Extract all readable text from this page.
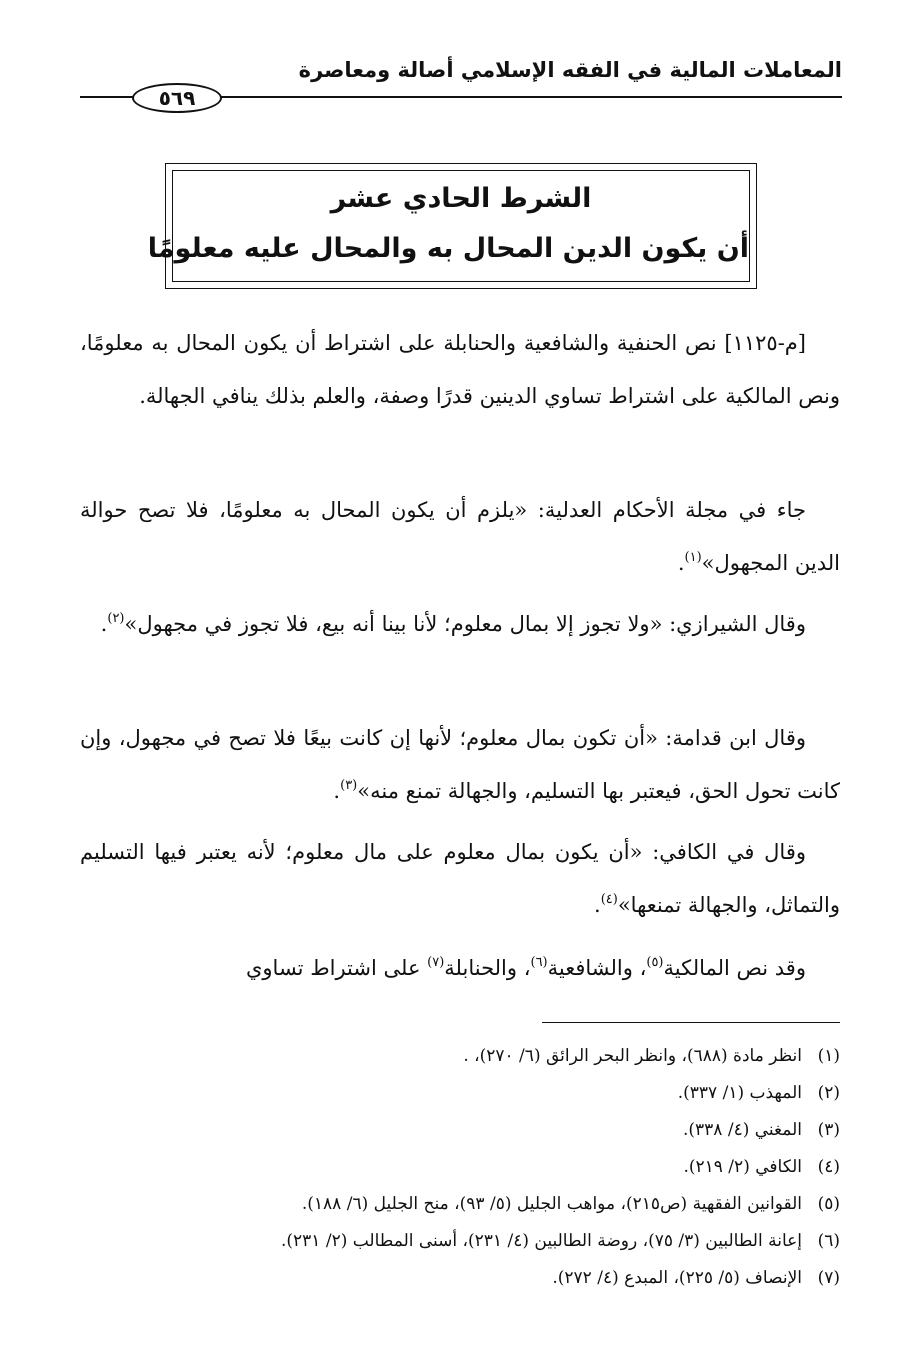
المعاملات المالية في الفقه الإسلامي أصالة ومعاصرة
٥٦٩
الشرط الحادي عشر
أن يكون الدين المحال به والمحال عليه معلومًا

[م-١١٢٥] نص الحنفية والشافعية والحنابلة على اشتراط أن يكون المحال به معلومًا، ونص المالكية على اشتراط تساوي الدينين قدرًا وصفة، والعلم بذلك ينافي الجهالة.

جاء في مجلة الأحكام العدلية: «يلزم أن يكون المحال به معلومًا، فلا تصح حوالة الدين المجهول»$^{(١)}$.

وقال الشيرازي: «ولا تجوز إلا بمال معلوم؛ لأنا بينا أنه بيع، فلا تجوز في مجهول»$^{(٢)}$.

وقال ابن قدامة: «أن تكون بمال معلوم؛ لأنها إن كانت بيعًا فلا تصح في مجهول، وإن كانت تحول الحق، فيعتبر بها التسليم، والجهالة تمنع منه»$^{(٣)}$.

وقال في الكافي: «أن يكون بمال معلوم على مال معلوم؛ لأنه يعتبر فيها التسليم والتماثل، والجهالة تمنعها»$^{(٤)}$.

وقد نص المالكية$^{(٥)}$، والشافعية$^{(٦)}$، والحنابلة$^{(٧)}$ على اشتراط تساوي

(١)انظر مادة (٦٨٨)، وانظر البحر الرائق (٦/ ٢٧٠)، .
(٢)المهذب (١/ ٣٣٧).
(٣)المغني (٤/ ٣٣٨).
(٤)الكافي (٢/ ٢١٩).
(٥)القوانين الفقهية (ص٢١٥)، مواهب الجليل (٥/ ٩٣)، منح الجليل (٦/ ١٨٨).
(٦)إعانة الطالبين (٣/ ٧٥)، روضة الطالبين (٤/ ٢٣١)، أسنى المطالب (٢/ ٢٣١).
(٧)الإنصاف (٥/ ٢٢٥)، المبدع (٤/ ٢٧٢).
